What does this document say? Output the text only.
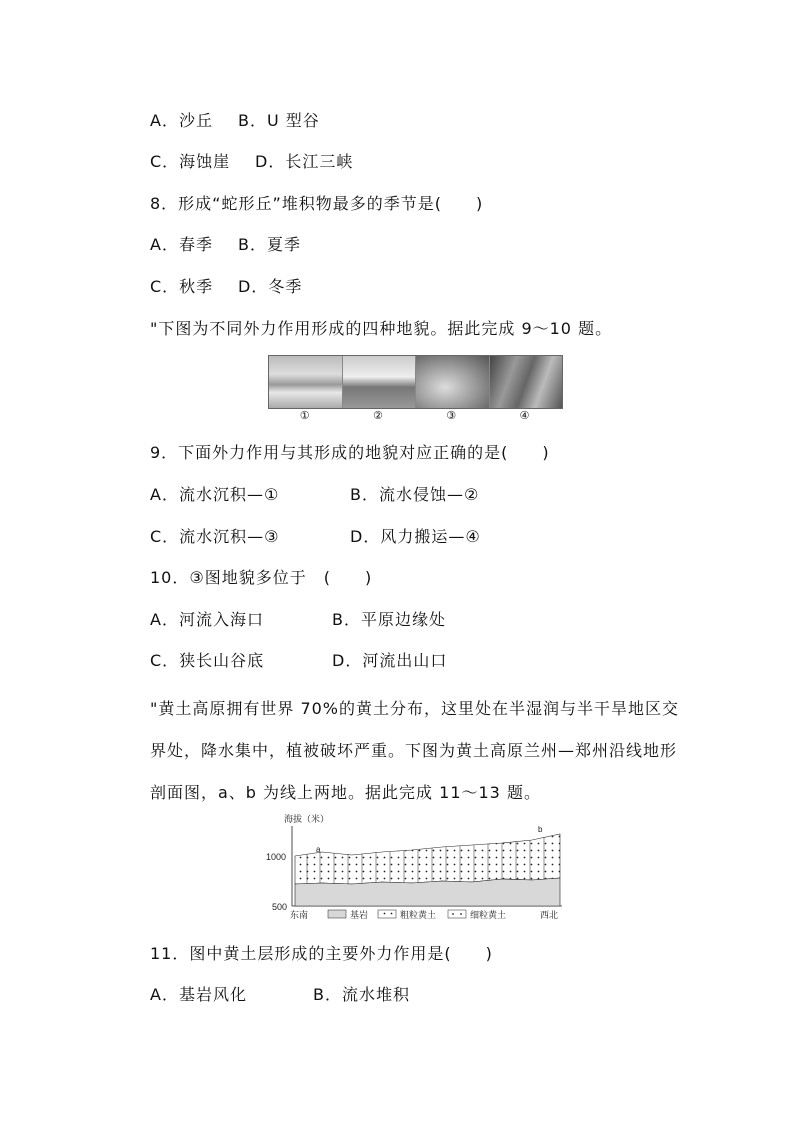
A．沙丘 B．U 型谷
C．海蚀崖 D．长江三峡
8．形成“蛇形丘”堆积物最多的季节是(　　)
A．春季 B．夏季
C．秋季 D．冬季
"下图为不同外力作用形成的四种地貌。据此完成 9～10 题。
①	②	③	④
9．下面外力作用与其形成的地貌对应正确的是(　　)
A．流水沉积—①	B．流水侵蚀—②
C．流水沉积—③	D．风力搬运—④
10．③图地貌多位于　(　　)
A．河流入海口	B．平原边缘处
C．狭长山谷底	D．河流出山口
"黄土高原拥有世界 70%的黄土分布，这里处在半湿润与半干旱地区交界处，降水集中，植被破坏严重。下图为黄土高原兰州—郑州沿线地形剖面图，a、b 为线上两地。据此完成 11～13 题。
海拔（米）
1000
500
a
b
东南	基岩	粗粒黄土	细粒黄土	西北
11．图中黄土层形成的主要外力作用是(　　)
A．基岩风化	B．流水堆积
